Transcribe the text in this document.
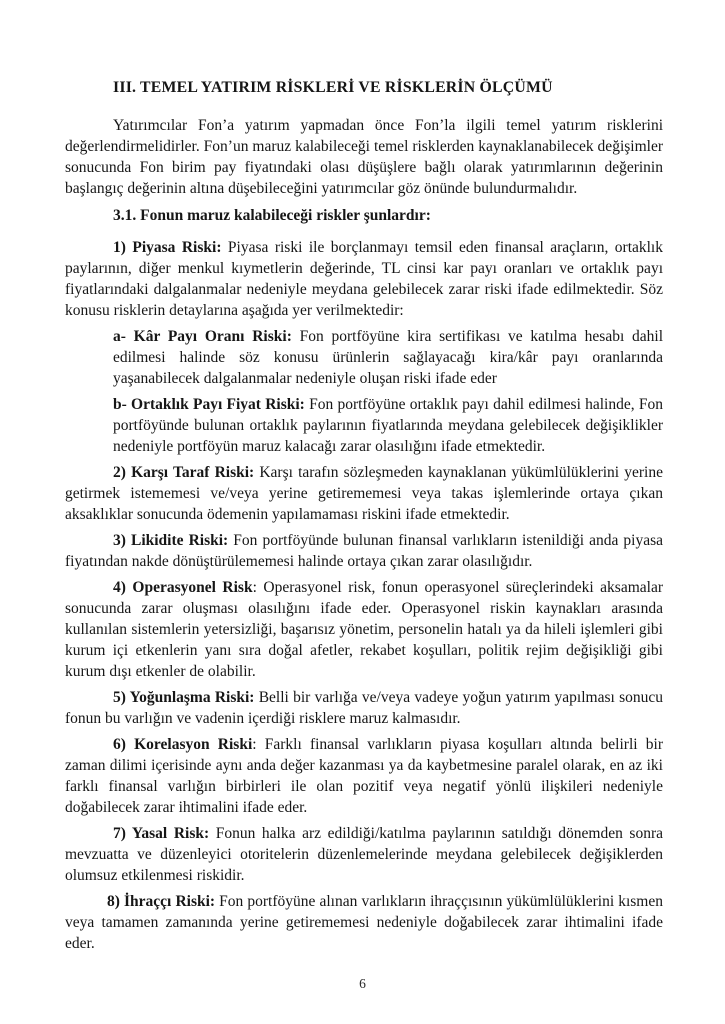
III. TEMEL YATIRIM RİSKLERİ VE RİSKLERİN ÖLÇÜMÜ

Yatırımcılar Fon’a yatırım yapmadan önce Fon’la ilgili temel yatırım risklerini değerlendirmelidirler. Fon’un maruz kalabileceği temel risklerden kaynaklanabilecek değişimler sonucunda Fon birim pay fiyatındaki olası düşüşlere bağlı olarak yatırımlarının değerinin başlangıç değerinin altına düşebileceğini yatırımcılar göz önünde bulundurmalıdır.

3.1. Fonun maruz kalabileceği riskler şunlardır:

1) Piyasa Riski: Piyasa riski ile borçlanmayı temsil eden finansal araçların, ortaklık paylarının, diğer menkul kıymetlerin değerinde, TL cinsi kar payı oranları ve ortaklık payı fiyatlarındaki dalgalanmalar nedeniyle meydana gelebilecek zarar riski ifade edilmektedir. Söz konusu risklerin detaylarına aşağıda yer verilmektedir:

a- Kâr Payı Oranı Riski: Fon portföyüne kira sertifikası ve katılma hesabı dahil edilmesi halinde söz konusu ürünlerin sağlayacağı kira/kâr payı oranlarında yaşanabilecek dalgalanmalar nedeniyle oluşan riski ifade eder

b- Ortaklık Payı Fiyat Riski: Fon portföyüne ortaklık payı dahil edilmesi halinde, Fon portföyünde bulunan ortaklık paylarının fiyatlarında meydana gelebilecek değişiklikler nedeniyle portföyün maruz kalacağı zarar olasılığını ifade etmektedir.

2) Karşı Taraf Riski: Karşı tarafın sözleşmeden kaynaklanan yükümlülüklerini yerine getirmek istememesi ve/veya yerine getirememesi veya takas işlemlerinde ortaya çıkan aksaklıklar sonucunda ödemenin yapılamaması riskini ifade etmektedir.

3) Likidite Riski: Fon portföyünde bulunan finansal varlıkların istenildiği anda piyasa fiyatından nakde dönüştürülememesi halinde ortaya çıkan zarar olasılığıdır.

4) Operasyonel Risk: Operasyonel risk, fonun operasyonel süreçlerindeki aksamalar sonucunda zarar oluşması olasılığını ifade eder. Operasyonel riskin kaynakları arasında kullanılan sistemlerin yetersizliği, başarısız yönetim, personelin hatalı ya da hileli işlemleri gibi kurum içi etkenlerin yanı sıra doğal afetler, rekabet koşulları, politik rejim değişikliği gibi kurum dışı etkenler de olabilir.

5) Yoğunlaşma Riski: Belli bir varlığa ve/veya vadeye yoğun yatırım yapılması sonucu fonun bu varlığın ve vadenin içerdiği risklere maruz kalmasıdır.

6) Korelasyon Riski: Farklı finansal varlıkların piyasa koşulları altında belirli bir zaman dilimi içerisinde aynı anda değer kazanması ya da kaybetmesine paralel olarak, en az iki farklı finansal varlığın birbirleri ile olan pozitif veya negatif yönlü ilişkileri nedeniyle doğabilecek zarar ihtimalini ifade eder.

7) Yasal Risk: Fonun halka arz edildiği/katılma paylarının satıldığı dönemden sonra mevzuatta ve düzenleyici otoritelerin düzenlemelerinde meydana gelebilecek değişiklerden olumsuz etkilenmesi riskidir.

8) İhraççı Riski: Fon portföyüne alınan varlıkların ihraççısının yükümlülüklerini kısmen veya tamamen zamanında yerine getirememesi nedeniyle doğabilecek zarar ihtimalini ifade eder.

6
